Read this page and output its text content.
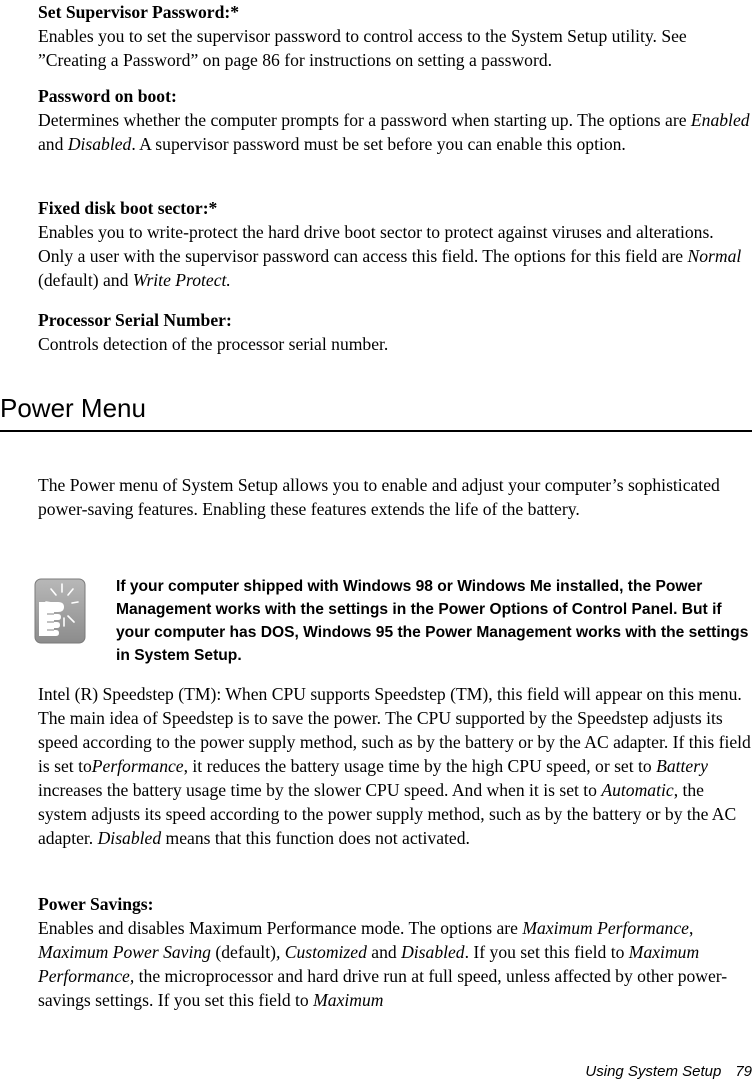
Set Supervisor Password:*
Enables you to set the supervisor password to control access to the System Setup utility. See ”Creating a Password” on page 86 for instructions on setting a password.
Password on boot:
Determines whether the computer prompts for a password when starting up. The options are Enabled and Disabled. A supervisor password must be set before you can enable this option.
Fixed disk boot sector:*
Enables you to write-protect the hard drive boot sector to protect against viruses and alterations. Only a user with the supervisor password can access this field. The options for this field are Normal (default) and Write Protect.
Processor Serial Number:
Controls detection of the processor serial number.
Power Menu

The Power menu of System Setup allows you to enable and adjust your computer’s sophisticated power-saving features. Enabling these features extends the life of the battery.

If your computer shipped with Windows 98 or Windows Me installed, the Power Management works with the settings in the Power Options of Control Panel. But if your computer has DOS, Windows 95 the Power Management works with the settings in System Setup.

Intel (R) Speedstep (TM): When CPU supports Speedstep (TM), this field will appear on this menu. The main idea of Speedstep is to save the power. The CPU supported by the Speedstep adjusts its speed according to the power supply method, such as by the battery or by the AC adapter. If this field is set toPerformance, it reduces the battery usage time by the high CPU speed, or set to Battery increases the battery usage time by the slower CPU speed. And when it is set to Automatic, the system adjusts its speed according to the power supply method, such as by the battery or by the AC adapter. Disabled means that this function does not activated.

Power Savings:
Enables and disables Maximum Performance mode. The options are Maximum Performance, Maximum Power Saving (default), Customized and Disabled. If you set this field to Maximum Performance, the microprocessor and hard drive run at full speed, unless affected by other power-savings settings. If you set this field to Maximum
Using System Setup 79
